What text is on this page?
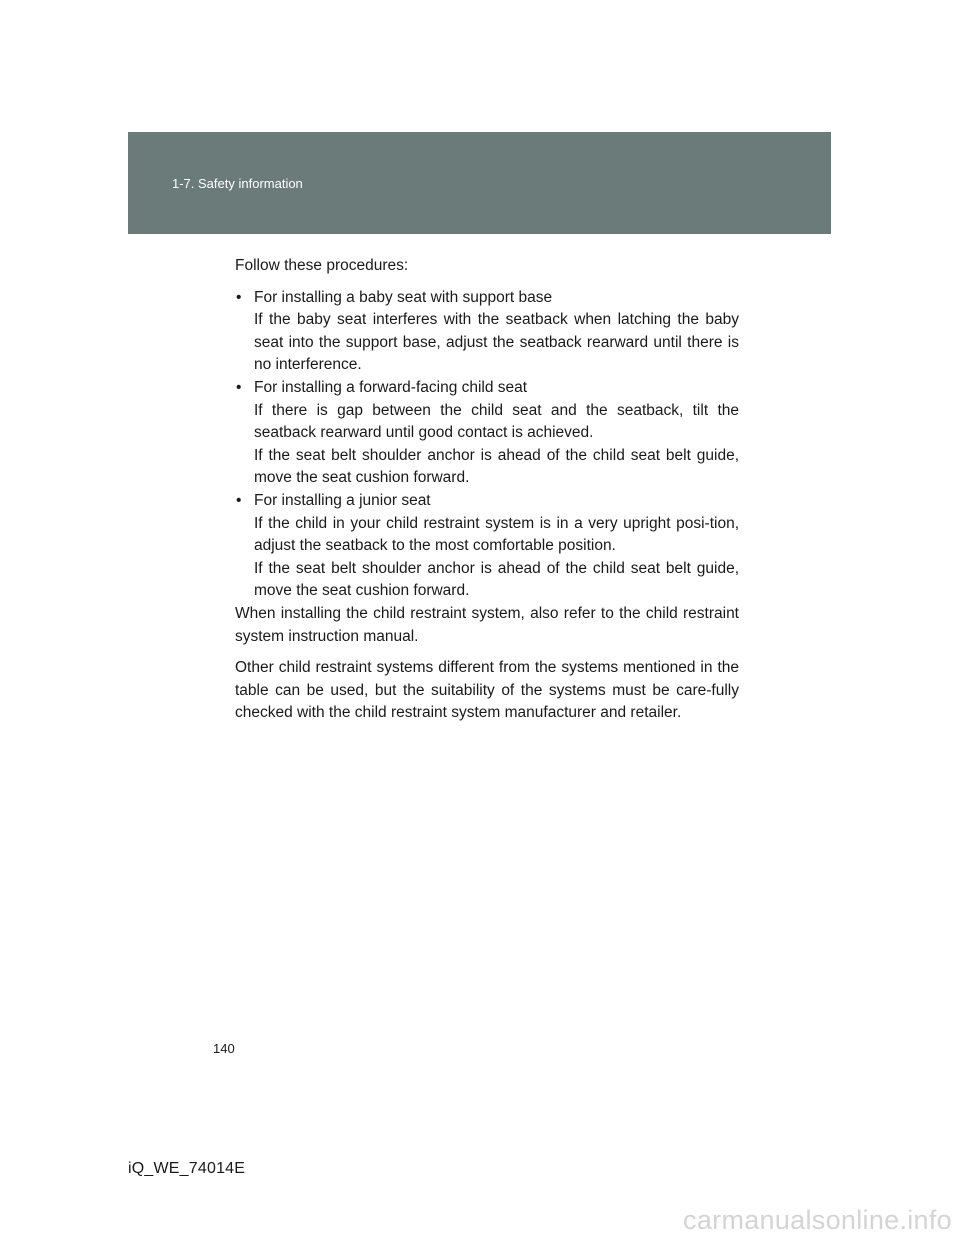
1-7. Safety information

Follow these procedures:

• For installing a baby seat with support base

If the baby seat interferes with the seatback when latching the baby seat into the support base, adjust the seatback rearward until there is no interference.

• For installing a forward-facing child seat

If there is gap between the child seat and the seatback, tilt the seatback rearward until good contact is achieved.

If the seat belt shoulder anchor is ahead of the child seat belt guide, move the seat cushion forward.

• For installing a junior seat

If the child in your child restraint system is in a very upright posi-tion, adjust the seatback to the most comfortable position.

If the seat belt shoulder anchor is ahead of the child seat belt guide, move the seat cushion forward.

When installing the child restraint system, also refer to the child restraint system instruction manual.

Other child restraint systems different from the systems mentioned in the table can be used, but the suitability of the systems must be care-fully checked with the child restraint system manufacturer and retailer.

140
iQ_WE_74014E
carmanualsonline.info
